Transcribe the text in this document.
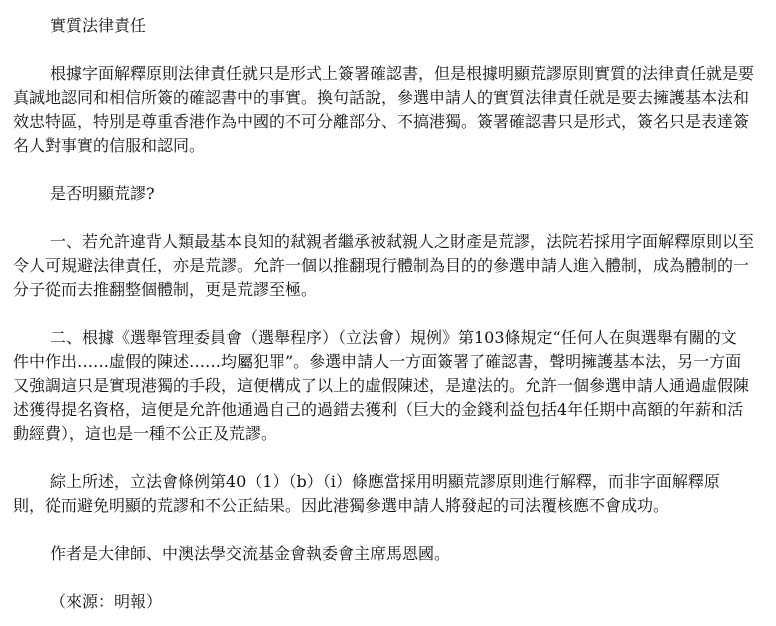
實質法律責任
根據字面解釋原則法律責任就只是形式上簽署確認書，但是根據明顯荒謬原則實質的法律責任就是要
真誠地認同和相信所簽的確認書中的事實。換句話說，參選申請人的實質法律責任就是要去擁護基本法和
效忠特區，特別是尊重香港作為中國的不可分離部分、不搞港獨。簽署確認書只是形式，簽名只是表達簽
名人對事實的信服和認同。
是否明顯荒謬?
一、若允許違背人類最基本良知的弒親者繼承被弒親人之財產是荒謬，法院若採用字面解釋原則以至
令人可規避法律責任，亦是荒謬。允許一個以推翻現行體制為目的的參選申請人進入體制，成為體制的一
分子從而去推翻整個體制，更是荒謬至極。
二、根據《選舉管理委員會（選舉程序）（立法會）規例》第103條規定“任何人在與選舉有關的文
件中作出……虛假的陳述……均屬犯罪”。參選申請人一方面簽署了確認書，聲明擁護基本法，另一方面
又強調這只是實現港獨的手段，這便構成了以上的虛假陳述，是違法的。允許一個參選申請人通過虛假陳
述獲得提名資格，這便是允許他通過自己的過錯去獲利（巨大的金錢利益包括4年任期中高額的年薪和活
動經費），這也是一種不公正及荒謬。
綜上所述，立法會條例第40（1）（b）（i）條應當採用明顯荒謬原則進行解釋，而非字面解釋原
則，從而避免明顯的荒謬和不公正結果。因此港獨參選申請人將發起的司法覆核應不會成功。
作者是大律師、中澳法學交流基金會執委會主席馬恩國。
（來源：明報）
